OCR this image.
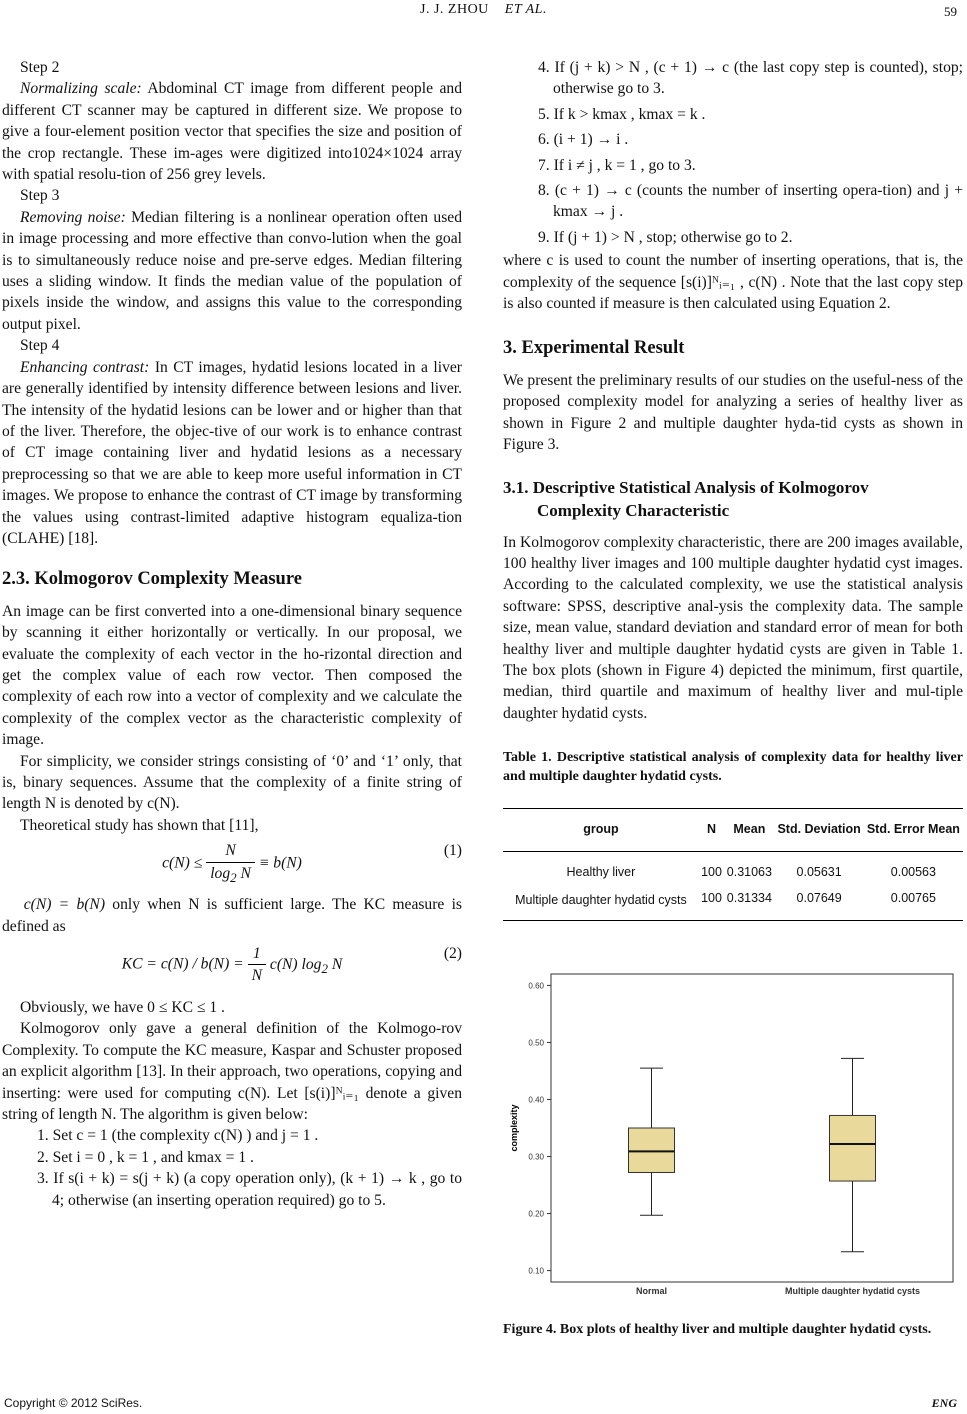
J. J. ZHOU ET AL.	59

Step 2

Normalizing scale: Abdominal CT image from different people and different CT scanner may be captured in different size. We propose to give a four-element position vector that specifies the size and position of the crop rectangle. These im-ages were digitized into1024×1024 array with spatial resolu-tion of 256 grey levels.

Step 3

Removing noise: Median filtering is a nonlinear operation often used in image processing and more effective than convo-lution when the goal is to simultaneously reduce noise and pre-serve edges. Median filtering uses a sliding window. It finds the median value of the population of pixels inside the window, and assigns this value to the corresponding output pixel.

Step 4

Enhancing contrast: In CT images, hydatid lesions located in a liver are generally identified by intensity difference between lesions and liver. The intensity of the hydatid lesions can be lower and or higher than that of the liver. Therefore, the objec-tive of our work is to enhance contrast of CT image containing liver and hydatid lesions as a necessary preprocessing so that we are able to keep more useful information in CT images. We propose to enhance the contrast of CT image by transforming the values using contrast-limited adaptive histogram equaliza-tion (CLAHE) [18].

2.3. Kolmogorov Complexity Measure

An image can be first converted into a one-dimensional binary sequence by scanning it either horizontally or vertically. In our proposal, we evaluate the complexity of each vector in the ho-rizontal direction and get the complex value of each row vector. Then composed the complexity of each row into a vector of complexity and we calculate the complexity of the complex vector as the characteristic complexity of image.

For simplicity, we consider strings consisting of ‘0’ and ‘1’ only, that is, binary sequences. Assume that the complexity of a finite string of length N is denoted by c(N).

Theoretical study has shown that [11],

$c(N) \le \frac{N}{\log_2 N} \equiv b(N)$
(1)

c(N) = b(N) only when N is sufficient large. The KC measure is defined as

KC = $c(N) / b(N) = \frac{1}{N} c(N)$ $\log_2 N$
(2)

Obviously, we have 0 ≤ KC ≤ 1 .

Kolmogorov only gave a general definition of the Kolmogo-rov Complexity. To compute the KC measure, Kaspar and Schuster proposed an explicit algorithm [13]. In their approach, two operations, copying and inserting: were used for computing c(N). Let [s(i)]ᴺᵢ₌₁ denote a given string of length N. The algorithm is given below:

1. Set c = 1 (the complexity c(N) ) and j = 1 .

2. Set i = 0 , k = 1 , and kmax = 1 .

3. If s(i + k) = s(j + k) (a copy operation only), (k + 1) → k , go to 4; otherwise (an inserting operation required) go to 5.

4. If (j + k) > N , (c + 1) → c (the last copy step is counted), stop; otherwise go to 3.

5. If k > kmax , kmax = k .

6. (i + 1) → i .

7. If i ≠ j , k = 1 , go to 3.

8. (c + 1) → c (counts the number of inserting opera-tion) and j + kmax → j .

9. If (j + 1) > N , stop; otherwise go to 2.

where c is used to count the number of inserting operations, that is, the complexity of the sequence [s(i)]ᴺᵢ₌₁ , c(N) . Note that the last copy step is also counted if measure is then calculated using Equation 2.

3. Experimental Result

We present the preliminary results of our studies on the useful-ness of the proposed complexity model for analyzing a series of healthy liver as shown in Figure 2 and multiple daughter hyda-tid cysts as shown in Figure 3.

3.1. Descriptive Statistical Analysis of Kolmogorov
Complexity Characteristic

In Kolmogorov complexity characteristic, there are 200 images available, 100 healthy liver images and 100 multiple daughter hydatid cyst images. According to the calculated complexity, we use the statistical analysis software: SPSS, descriptive anal-ysis the complexity data. The sample size, mean value, standard deviation and standard error of mean for both healthy liver and multiple daughter hydatid cysts are given in Table 1. The box plots (shown in Figure 4) depicted the minimum, first quartile, median, third quartile and maximum of healthy liver and mul-tiple daughter hydatid cysts.

Table 1. Descriptive statistical analysis of complexity data for healthy liver and multiple daughter hydatid cysts.

group	N	Mean	Std. Deviation	Std. Error Mean
Healthy liver	100	0.31063	0.05631	0.00563
Multiple daughter hydatid cysts	100	0.31334	0.07649	0.00765
0.10
0.20
0.30
0.40
0.50
0.60
complexity
Normal	Multiple daughter hydatid cysts

Figure 4. Box plots of healthy liver and multiple daughter hydatid cysts.

Copyright © 2012 SciRes.	ENG
